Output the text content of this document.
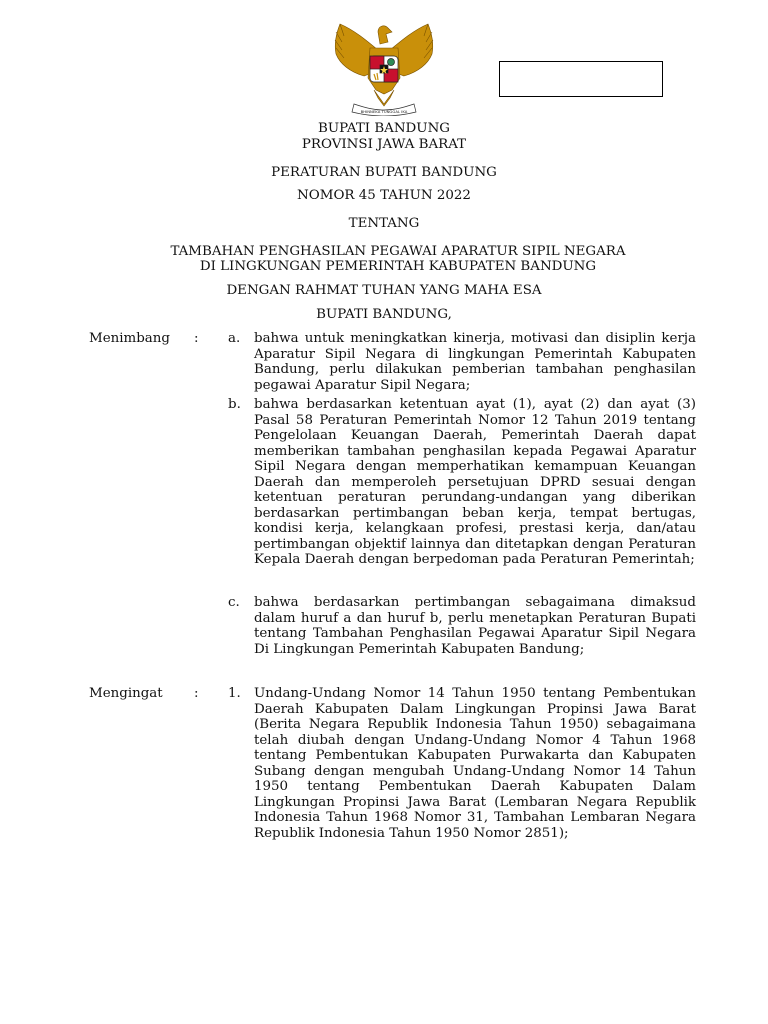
BHINNEKA TUNGGAL IKA
BUPATI BANDUNG
PROVINSI JAWA BARAT
PERATURAN BUPATI BANDUNG
NOMOR 45 TAHUN 2022
TENTANG
TAMBAHAN PENGHASILAN PEGAWAI APARATUR SIPIL NEGARA
DI LINGKUNGAN PEMERINTAH KABUPATEN BANDUNG
DENGAN RAHMAT TUHAN YANG MAHA ESA
BUPATI BANDUNG,
Menimbang : a. bahwa untuk meningkatkan kinerja, motivasi dan disiplin kerja Aparatur Sipil Negara di lingkungan Pemerintah Kabupaten Bandung, perlu dilakukan pemberian tambahan penghasilan pegawai Aparatur Sipil Negara;
b. bahwa berdasarkan ketentuan ayat (1), ayat (2) dan ayat (3) Pasal 58 Peraturan Pemerintah Nomor 12 Tahun 2019 tentang Pengelolaan Keuangan Daerah, Pemerintah Daerah dapat memberikan tambahan penghasilan kepada Pegawai Aparatur Sipil Negara dengan memperhatikan kemampuan Keuangan Daerah dan memperoleh persetujuan DPRD sesuai dengan ketentuan peraturan perundang-undangan yang diberikan berdasarkan pertimbangan beban kerja, tempat bertugas, kondisi kerja, kelangkaan profesi, prestasi kerja, dan/atau pertimbangan objektif lainnya dan ditetapkan dengan Peraturan Kepala Daerah dengan berpedoman pada Peraturan Pemerintah;
c. bahwa berdasarkan pertimbangan sebagaimana dimaksud dalam huruf a dan huruf b, perlu menetapkan Peraturan Bupati tentang Tambahan Penghasilan Pegawai Aparatur Sipil Negara Di Lingkungan Pemerintah Kabupaten Bandung;
Mengingat : 1. Undang-Undang Nomor 14 Tahun 1950 tentang Pembentukan Daerah Kabupaten Dalam Lingkungan Propinsi Jawa Barat (Berita Negara Republik Indonesia Tahun 1950) sebagaimana telah diubah dengan Undang-Undang Nomor 4 Tahun 1968 tentang Pembentukan Kabupaten Purwakarta dan Kabupaten Subang dengan mengubah Undang-Undang Nomor 14 Tahun 1950 tentang Pembentukan Daerah Kabupaten Dalam Lingkungan Propinsi Jawa Barat (Lembaran Negara Republik Indonesia Tahun 1968 Nomor 31, Tambahan Lembaran Negara Republik Indonesia Tahun 1950 Nomor 2851);
